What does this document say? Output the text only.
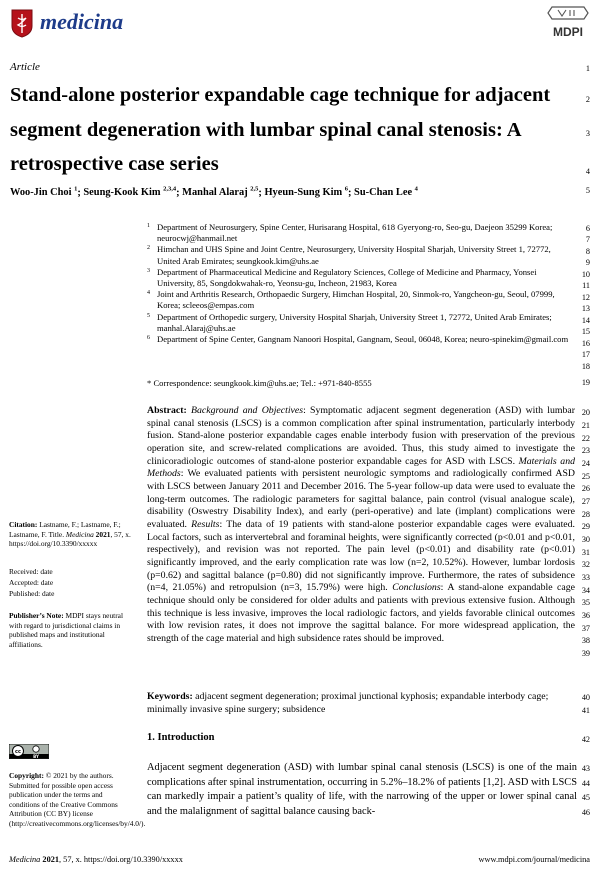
medicina	MDPI
Article
Stand-alone posterior expandable cage technique for adjacent segment degeneration with lumbar spinal canal stenosis: A retrospective case series
Woo-Jin Choi $^1$; Seung-Kook Kim $^{2,3,4}$; Manhal Alaraj $^{2,5}$; Hyeun-Sung Kim $^6$; Su-Chan Lee $^4$
1 Department of Neurosurgery, Spine Center, Hurisarang Hospital, 618 Gyeryong-ro, Seo-gu, Daejeon 35299 Korea; neurocwj@hanmail.net
2 Himchan and UHS Spine and Joint Centre, Neurosurgery, University Hospital Sharjah, University Street 1, 72772, United Arab Emirates; seungkook.kim@uhs.ae
3 Department of Pharmaceutical Medicine and Regulatory Sciences, College of Medicine and Pharmacy, Yonsei University, 85, Songdokwahak-ro, Yeonsu-gu, Incheon, 21983, Korea
4 Joint and Arthritis Research, Orthopaedic Surgery, Himchan Hospital, 20, Sinmok-ro, Yangcheon-gu, Seoul, 07999, Korea; scleeos@empas.com
5 Department of Orthopedic surgery, University Hospital Sharjah, University Street 1, 72772, United Arab Emirates; manhal.Alaraj@uhs.ae
6 Department of Spine Center, Gangnam Nanoori Hospital, Gangnam, Seoul, 06048, Korea; neuro-spinekim@gmail.com
* Correspondence: seungkook.kim@uhs.ae; Tel.: +971-840-8555
Abstract: Background and Objectives: Symptomatic adjacent segment degeneration (ASD) with lumbar spinal canal stenosis (LSCS) is a common complication after spinal instrumentation, particularly interbody fusion. Stand-alone posterior expandable cages enable interbody fusion with preservation of the previous operation site, and screw-related complications are avoided. Thus, this study aimed to investigate the clinicoradiologic outcomes of stand-alone posterior expandable cages for ASD with LSCS. Materials and Methods: We evaluated patients with persistent neurologic symptoms and radiologically confirmed ASD with LSCS between January 2011 and December 2016. The 5-year follow-up data were used to evaluate the long-term outcomes. The radiologic parameters for sagittal balance, pain control (visual analogue scale), disability (Oswestry Disability Index), and early (peri-operative) and late (implant) complications were evaluated. Results: The data of 19 patients with stand-alone posterior expandable cages were evaluated. Local factors, such as intervertebral and foraminal heights, were significantly corrected (p<0.01 and p<0.01, respectively), and revision was not reported. The pain level (p<0.01) and disability rate (p<0.01) significantly improved, and the early complication rate was low (n=2, 10.52%). However, lumbar lordosis (p=0.62) and sagittal balance (p=0.80) did not significantly improve. Furthermore, the rates of subsidence (n=4, 21.05%) and retropulsion (n=3, 15.79%) were high. Conclusions: A stand-alone expandable cage technique should only be considered for older adults and patients with previous extensive fusion. Although this technique is less invasive, improves the local radiologic factors, and yields favorable clinical outcomes with low revision rates, it does not improve the sagittal balance. For more widespread application, the strength of the cage material and high subsidence rates should be improved.
Keywords: adjacent segment degeneration; proximal junctional kyphosis; expandable interbody cage; minimally invasive spine surgery; subsidence
1. Introduction
Adjacent segment degeneration (ASD) with lumbar spinal canal stenosis (LSCS) is one of the main complications after spinal instrumentation, occurring in 5.2%–18.2% of patients [1,2]. ASD with LSCS can markedly impair a patient’s quality of life, with the narrowing of the upper or lower spinal canal and the malalignment of sagittal balance causing back-
Citation: Lastname, F.; Lastname, F.; Lastname, F. Title. Medicina 2021, 57, x. https://doi.org/10.3390/xxxxx
Received: date
Accepted: date
Published: date
Publisher’s Note: MDPI stays neutral with regard to jurisdictional claims in published maps and institutional affiliations.
cc
BY
Copyright: © 2021 by the authors. Submitted for possible open access publication under the terms and conditions of the Creative Commons Attribution (CC BY) license (http://creativecommons.org/licenses/by/4.0/).
1
2
3
4
5
6
7
8
9
10
11
12
13
14
15
16
17
18
19
20
21
22
23
24
25
26
27
28
29
30
31
32
33
34
35
36
37
38
39
40
41
42
43
44
45
46
Medicina 2021, 57, x. https://doi.org/10.3390/xxxxx	www.mdpi.com/journal/medicina
